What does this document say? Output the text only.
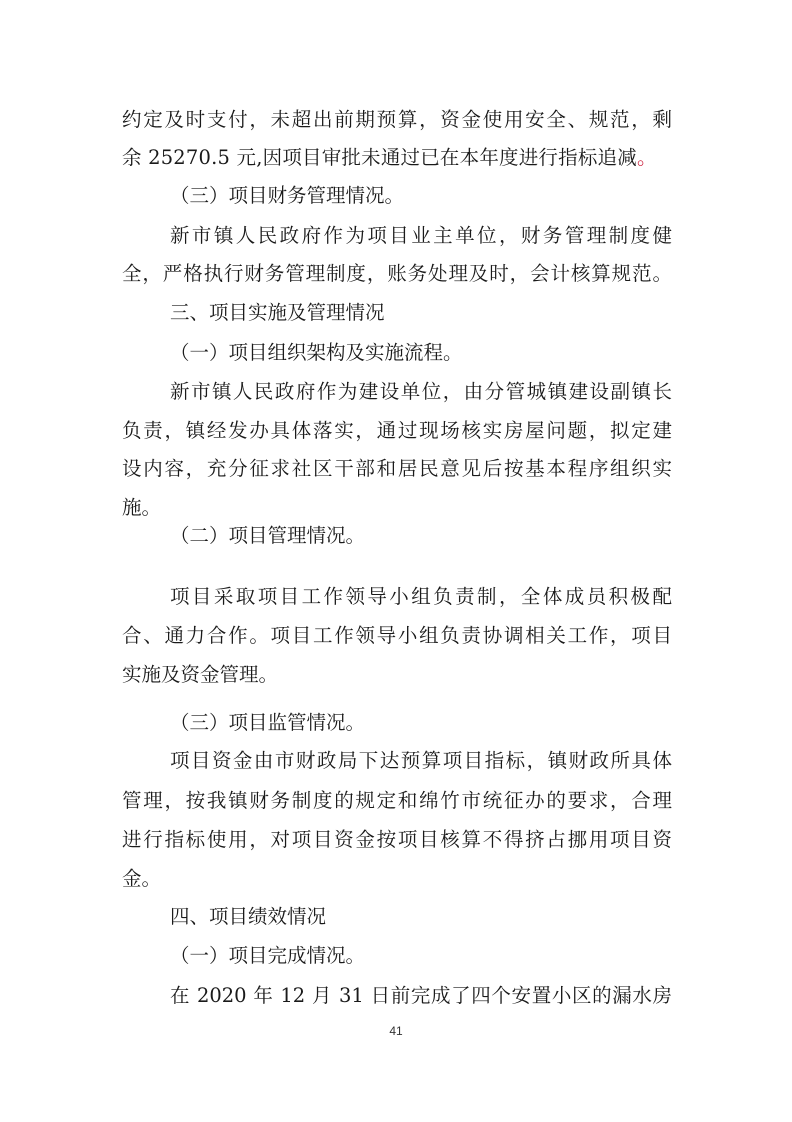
约定及时支付，未超出前期预算，资金使用安全、规范，剩
余 25270.5 元,因项目审批未通过已在本年度进行指标追减。
（三）项目财务管理情况。
新市镇人民政府作为项目业主单位，财务管理制度健
全，严格执行财务管理制度，账务处理及时，会计核算规范。
三、项目实施及管理情况
（一）项目组织架构及实施流程。
新市镇人民政府作为建设单位，由分管城镇建设副镇长
负责，镇经发办具体落实，通过现场核实房屋问题，拟定建
设内容，充分征求社区干部和居民意见后按基本程序组织实
施。
（二）项目管理情况。
项目采取项目工作领导小组负责制，全体成员积极配
合、通力合作。项目工作领导小组负责协调相关工作，项目
实施及资金管理。
（三）项目监管情况。
项目资金由市财政局下达预算项目指标，镇财政所具体
管理，按我镇财务制度的规定和绵竹市统征办的要求，合理
进行指标使用，对项目资金按项目核算不得挤占挪用项目资
金。
四、项目绩效情况
（一）项目完成情况。
在 2020 年 12 月 31 日前完成了四个安置小区的漏水房
41
